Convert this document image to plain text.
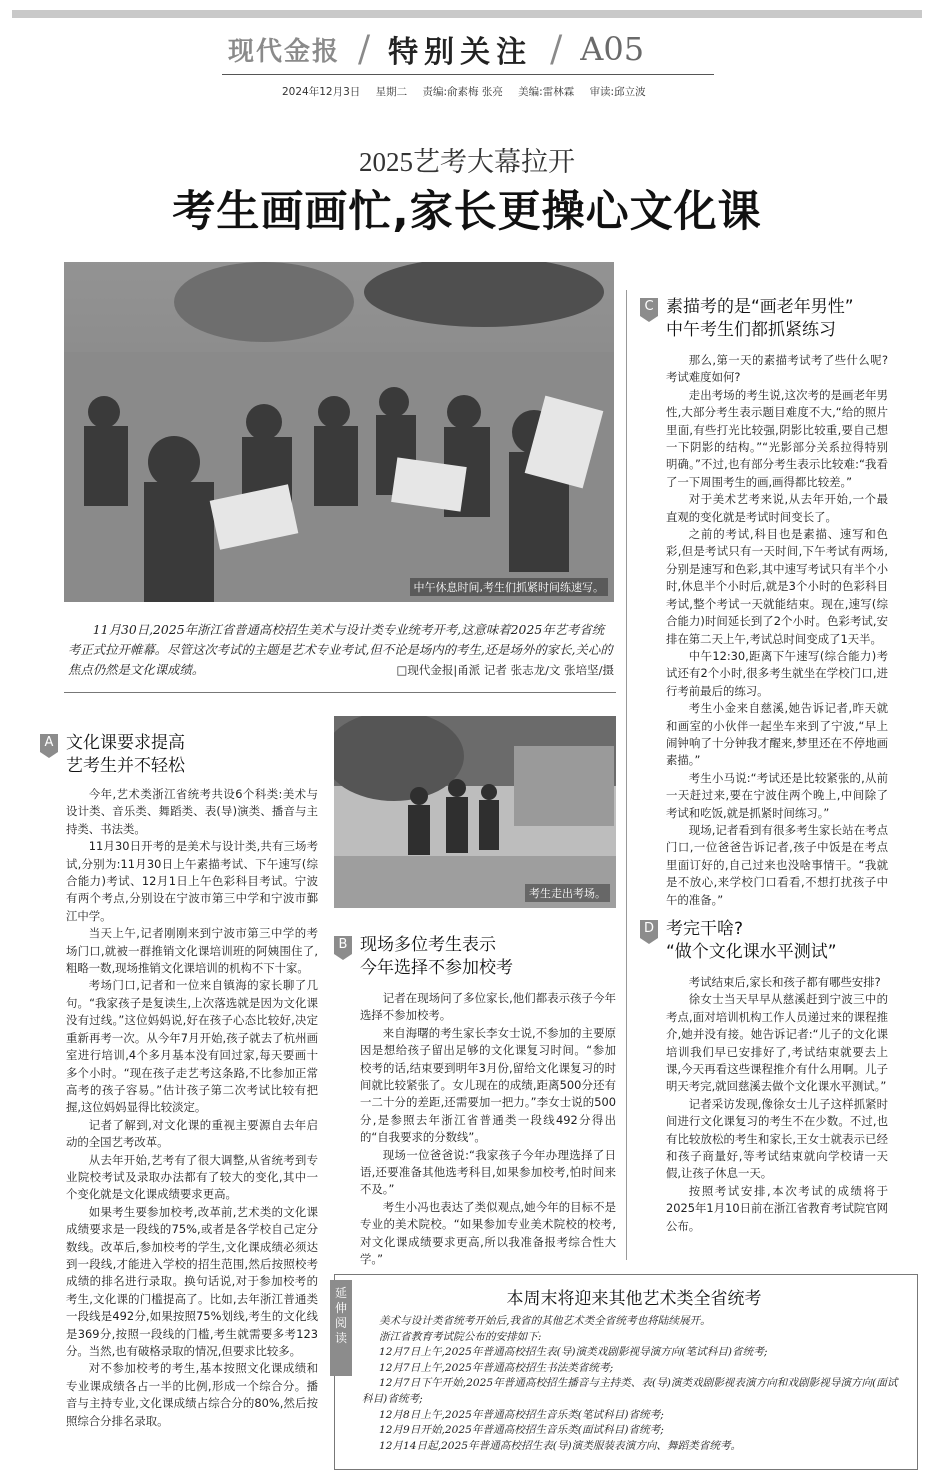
现代金报 / 特别关注 / A05
2024年12月3日 星期二 责编:俞素梅 张亮 美编:雷林霖 审读:邱立波
2025艺考大幕拉开
考生画画忙,家长更操心文化课
中午休息时间,考生们抓紧时间练速写。
11月30日,2025年浙江省普通高校招生美术与设计类专业统考开考,这意味着2025年艺考省统考正式拉开帷幕。尽管这次考试的主题是艺术专业考试,但不论是场内的考生,还是场外的家长,关心的焦点仍然是文化课成绩。	□现代金报|甬派 记者 张志龙/文 张培坚/摄
A 文化课要求提高
艺考生并不轻松

今年,艺术类浙江省统考共设6个科类:美术与设计类、音乐类、舞蹈类、表(导)演类、播音与主持类、书法类。

11月30日开考的是美术与设计类,共有三场考试,分别为:11月30日上午素描考试、下午速写(综合能力)考试、12月1日上午色彩科目考试。宁波有两个考点,分别设在宁波市第三中学和宁波市鄞江中学。

当天上午,记者刚刚来到宁波市第三中学的考场门口,就被一群推销文化课培训班的阿姨围住了,粗略一数,现场推销文化课培训的机构不下十家。

考场门口,记者和一位来自镇海的家长聊了几句。“我家孩子是复读生,上次落选就是因为文化课没有过线。”这位妈妈说,好在孩子心态比较好,决定重新再考一次。从今年7月开始,孩子就去了杭州画室进行培训,4个多月基本没有回过家,每天要画十多个小时。“现在孩子走艺考这条路,不比参加正常高考的孩子容易。”估计孩子第二次考试比较有把握,这位妈妈显得比较淡定。

记者了解到,对文化课的重视主要源自去年启动的全国艺考改革。

从去年开始,艺考有了很大调整,从省统考到专业院校考试及录取办法都有了较大的变化,其中一个变化就是文化课成绩要求更高。

如果考生要参加校考,改革前,艺术类的文化课成绩要求是一段线的75%,或者是各学校自己定分数线。改革后,参加校考的学生,文化课成绩必须达到一段线,才能进入学校的招生范围,然后按照校考成绩的排名进行录取。换句话说,对于参加校考的考生,文化课的门槛提高了。比如,去年浙江普通类一段线是492分,如果按照75%划线,考生的文化线是369分,按照一段线的门槛,考生就需要多考123分。当然,也有破格录取的情况,但要求比较多。

对不参加校考的考生,基本按照文化课成绩和专业课成绩各占一半的比例,形成一个综合分。播音与主持专业,文化课成绩占综合分的80%,然后按照综合分排名录取。

考生走出考场。
B 现场多位考生表示
今年选择不参加校考

记者在现场问了多位家长,他们都表示孩子今年选择不参加校考。

来自海曙的考生家长李女士说,不参加的主要原因是想给孩子留出足够的文化课复习时间。“参加校考的话,结束要到明年3月份,留给文化课复习的时间就比较紧张了。女儿现在的成绩,距离500分还有一二十分的差距,还需要加一把力。”李女士说的500分,是参照去年浙江省普通类一段线492分得出的“自我要求的分数线”。

现场一位爸爸说:“我家孩子今年办理选择了日语,还要准备其他选考科目,如果参加校考,怕时间来不及。”

考生小冯也表达了类似观点,她今年的目标不是专业的美术院校。“如果参加专业美术院校的校考,对文化课成绩要求更高,所以我准备报考综合性大学。”

C 素描考的是“画老年男性”
中午考生们都抓紧练习

那么,第一天的素描考试考了些什么呢?考试难度如何?

走出考场的考生说,这次考的是画老年男性,大部分考生表示题目难度不大,“给的照片里面,有些打光比较强,阴影比较重,要自己想一下阴影的结构。”“光影部分关系拉得特别明确。”不过,也有部分考生表示比较难:“我看了一下周围考生的画,画得都比较差。”

对于美术艺考来说,从去年开始,一个最直观的变化就是考试时间变长了。

之前的考试,科目也是素描、速写和色彩,但是考试只有一天时间,下午考试有两场,分别是速写和色彩,其中速写考试只有半个小时,休息半个小时后,就是3个小时的色彩科目考试,整个考试一天就能结束。现在,速写(综合能力)时间延长到了2个小时。色彩考试,安排在第二天上午,考试总时间变成了1天半。

中午12:30,距离下午速写(综合能力)考试还有2个小时,很多考生就坐在学校门口,进行考前最后的练习。

考生小金来自慈溪,她告诉记者,昨天就和画室的小伙伴一起坐车来到了宁波,“早上闹钟响了十分钟我才醒来,梦里还在不停地画素描。”

考生小马说:“考试还是比较紧张的,从前一天赶过来,要在宁波住两个晚上,中间除了考试和吃饭,就是抓紧时间练习。”

现场,记者看到有很多考生家长站在考点门口,一位爸爸告诉记者,孩子中饭是在考点里面订好的,自己过来也没啥事情干。“我就是不放心,来学校门口看看,不想打扰孩子中午的准备。”

D 考完干啥?
“做个文化课水平测试”

考试结束后,家长和孩子都有哪些安排?

徐女士当天早早从慈溪赶到宁波三中的考点,面对培训机构工作人员递过来的课程推介,她并没有接。她告诉记者:“儿子的文化课培训我们早已安排好了,考试结束就要去上课,今天再看这些课程推介有什么用啊。儿子明天考完,就回慈溪去做个文化课水平测试。”

记者采访发现,像徐女士儿子这样抓紧时间进行文化课复习的考生不在少数。不过,也有比较放松的考生和家长,王女士就表示已经和孩子商量好,等考试结束就向学校请一天假,让孩子休息一天。

按照考试安排,本次考试的成绩将于2025年1月10日前在浙江省教育考试院官网公布。

延伸阅读
本周末将迎来其他艺术类全省统考

美术与设计类省统考开始后,我省的其他艺术类全省统考也将陆续展开。

浙江省教育考试院公布的安排如下:

12月7日上午,2025年普通高校招生表(导)演类戏剧影视导演方向(笔试科目)省统考;

12月7日上午,2025年普通高校招生书法类省统考;

12月7日下午开始,2025年普通高校招生播音与主持类、表(导)演类戏剧影视表演方向和戏剧影视导演方向(面试科目)省统考;

12月8日上午,2025年普通高校招生音乐类(笔试科目)省统考;

12月9日开始,2025年普通高校招生音乐类(面试科目)省统考;

12月14日起,2025年普通高校招生表(导)演类服装表演方向、舞蹈类省统考。
